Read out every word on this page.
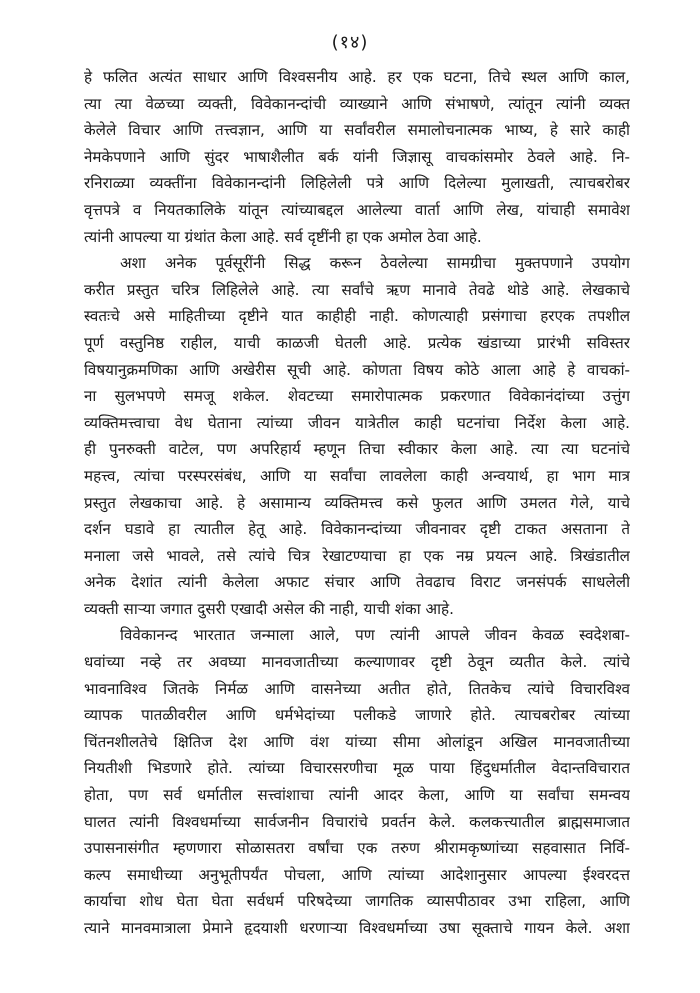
(१४)
हे फलित अत्यंत साधार आणि विश्वसनीय आहे. हर एक घटना, तिचे स्थल आणि काल,
त्या त्या वेळच्या व्यक्ती, विवेकानन्दांची व्याख्याने आणि संभाषणे, त्यांतून त्यांनी व्यक्त
केलेले विचार आणि तत्त्वज्ञान, आणि या सर्वांवरील समालोचनात्मक भाष्य, हे सारे काही
नेमकेपणाने आणि सुंदर भाषाशैलीत बर्क यांनी जिज्ञासू वाचकांसमोर ठेवले आहे. नि-
रनिराळ्या व्यक्तींना विवेकानन्दांनी लिहिलेली पत्रे आणि दिलेल्या मुलाखती, त्याचबरोबर
वृत्तपत्रे व नियतकालिके यांतून त्यांच्याबद्दल आलेल्या वार्ता आणि लेख, यांचाही समावेश
त्यांनी आपल्या या ग्रंथांत केला आहे. सर्व दृष्टींनी हा एक अमोल ठेवा आहे.
अशा अनेक पूर्वसूरींनी सिद्ध करून ठेवलेल्या सामग्रीचा मुक्तपणाने उपयोग
करीत प्रस्तुत चरित्र लिहिलेले आहे. त्या सर्वांचे ऋण मानावे तेवढे थोडे आहे. लेखकाचे
स्वतःचे असे माहितीच्या दृष्टीने यात काहीही नाही. कोणत्याही प्रसंगाचा हरएक तपशील
पूर्ण वस्तुनिष्ठ राहील, याची काळजी घेतली आहे. प्रत्येक खंडाच्या प्रारंभी सविस्तर
विषयानुक्रमणिका आणि अखेरीस सूची आहे. कोणता विषय कोठे आला आहे हे वाचकां-
ना सुलभपणे समजू शकेल. शेवटच्या समारोपात्मक प्रकरणात विवेकानंदांच्या उत्तुंग
व्यक्तिमत्त्वाचा वेध घेताना त्यांच्या जीवन यात्रेतील काही घटनांचा निर्देश केला आहे.
ही पुनरुक्ती वाटेल, पण अपरिहार्य म्हणून तिचा स्वीकार केला आहे. त्या त्या घटनांचे
महत्त्व, त्यांचा परस्परसंबंध, आणि या सर्वांचा लावलेला काही अन्वयार्थ, हा भाग मात्र
प्रस्तुत लेखकाचा आहे. हे असामान्य व्यक्तिमत्त्व कसे फुलत आणि उमलत गेले, याचे
दर्शन घडावे हा त्यातील हेतू आहे. विवेकानन्दांच्या जीवनावर दृष्टी टाकत असताना ते
मनाला जसे भावले, तसे त्यांचे चित्र रेखाटण्याचा हा एक नम्र प्रयत्न आहे. त्रिखंडातील
अनेक देशांत त्यांनी केलेला अफाट संचार आणि तेवढाच विराट जनसंपर्क साधलेली
व्यक्ती साऱ्या जगात दुसरी एखादी असेल की नाही, याची शंका आहे.
विवेकानन्द भारतात जन्माला आले, पण त्यांनी आपले जीवन केवळ स्वदेशबा-
धवांच्या नव्हे तर अवघ्या मानवजातीच्या कल्याणावर दृष्टी ठेवून व्यतीत केले. त्यांचे
भावनाविश्व जितके निर्मळ आणि वासनेच्या अतीत होते, तितकेच त्यांचे विचारविश्व
व्यापक पातळीवरील आणि धर्मभेदांच्या पलीकडे जाणारे होते. त्याचबरोबर त्यांच्या
चिंतनशीलतेचे क्षितिज देश आणि वंश यांच्या सीमा ओलांडून अखिल मानवजातीच्या
नियतीशी भिडणारे होते. त्यांच्या विचारसरणीचा मूळ पाया हिंदुधर्मातील वेदान्तविचारात
होता, पण सर्व धर्मातील सत्त्वांशाचा त्यांनी आदर केला, आणि या सर्वांचा समन्वय
घालत त्यांनी विश्वधर्माच्या सार्वजनीन विचारांचे प्रवर्तन केले. कलकत्त्यातील ब्राह्मसमाजात
उपासनासंगीत म्हणणारा सोळासतरा वर्षांचा एक तरुण श्रीरामकृष्णांच्या सहवासात निर्वि-
कल्प समाधीच्या अनुभूतीपर्यंत पोचला, आणि त्यांच्या आदेशानुसार आपल्या ईश्वरदत्त
कार्याचा शोध घेता घेता सर्वधर्म परिषदेच्या जागतिक व्यासपीठावर उभा राहिला, आणि
त्याने मानवमात्राला प्रेमाने हृदयाशी धरणाऱ्या विश्वधर्माच्या उषा सूक्ताचे गायन केले. अशा
